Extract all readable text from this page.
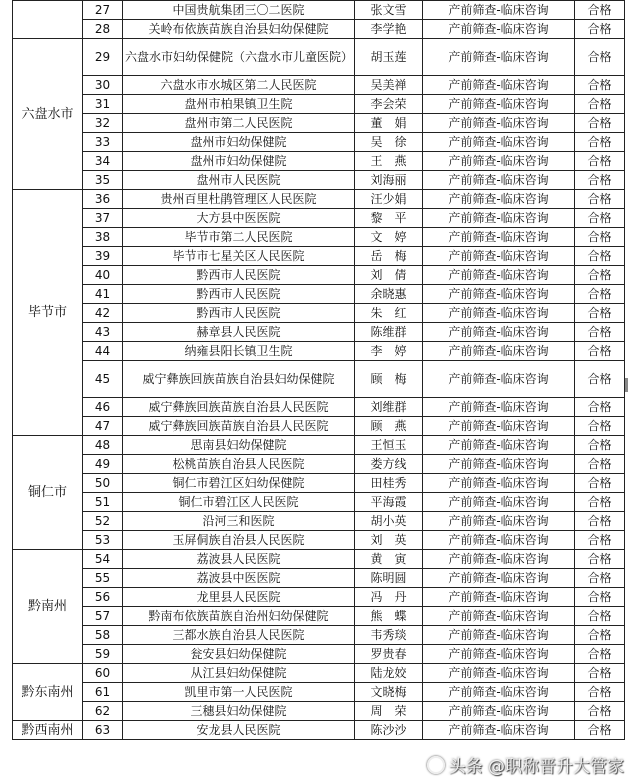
	27	中国贵航集团三〇二医院	张文雪	产前筛查-临床咨询	合格
	28	关岭布依族苗族自治县妇幼保健院	李学艳	产前筛查-临床咨询	合格
六盘水市	29	六盘水市妇幼保健院（六盘水市儿童医院）	胡玉莲	产前筛查-临床咨询	合格
	30	六盘水市水城区第二人民医院	吴美禅	产前筛查-临床咨询	合格
	31	盘州市柏果镇卫生院	李会荣	产前筛查-临床咨询	合格
	32	盘州市第二人民医院	董　娟	产前筛查-临床咨询	合格
	33	盘州市妇幼保健院	吴　徐	产前筛查-临床咨询	合格
	34	盘州市妇幼保健院	王　燕	产前筛查-临床咨询	合格
	35	盘州市人民医院	刘海丽	产前筛查-临床咨询	合格
毕节市	36	贵州百里杜鹃管理区人民医院	汪少娟	产前筛查-临床咨询	合格
	37	大方县中医医院	黎　平	产前筛查-临床咨询	合格
	38	毕节市第二人民医院	文　婷	产前筛查-临床咨询	合格
	39	毕节市七星关区人民医院	岳　梅	产前筛查-临床咨询	合格
	40	黔西市人民医院	刘　倩	产前筛查-临床咨询	合格
	41	黔西市人民医院	余晓惠	产前筛查-临床咨询	合格
	42	黔西市人民医院	朱　红	产前筛查-临床咨询	合格
	43	赫章县人民医院	陈维群	产前筛查-临床咨询	合格
	44	纳雍县阳长镇卫生院	李　婷	产前筛查-临床咨询	合格
	45	威宁彝族回族苗族自治县妇幼保健院	顾　梅	产前筛查-临床咨询	合格
	46	威宁彝族回族苗族自治县人民医院	刘维群	产前筛查-临床咨询	合格
	47	威宁彝族回族苗族自治县人民医院	顾　燕	产前筛查-临床咨询	合格
铜仁市	48	思南县妇幼保健院	王恒玉	产前筛查-临床咨询	合格
	49	松桃苗族自治县人民医院	娄方线	产前筛查-临床咨询	合格
	50	铜仁市碧江区妇幼保健院	田桂秀	产前筛查-临床咨询	合格
	51	铜仁市碧江区人民医院	平海霞	产前筛查-临床咨询	合格
	52	沿河三和医院	胡小英	产前筛查-临床咨询	合格
	53	玉屏侗族自治县人民医院	刘　英	产前筛查-临床咨询	合格
黔南州	54	荔波县人民医院	黄　寅	产前筛查-临床咨询	合格
	55	荔波县中医医院	陈明圆	产前筛查-临床咨询	合格
	56	龙里县人民医院	冯　丹	产前筛查-临床咨询	合格
	57	黔南布依族苗族自治州妇幼保健院	熊　蝶	产前筛查-临床咨询	合格
	58	三都水族自治县人民医院	韦秀琰	产前筛查-临床咨询	合格
	59	瓮安县妇幼保健院	罗贵春	产前筛查-临床咨询	合格
黔东南州	60	从江县妇幼保健院	陆龙姣	产前筛查-临床咨询	合格
	61	凯里市第一人民医院	文晓梅	产前筛查-临床咨询	合格
	62	三穗县妇幼保健院	周　荣	产前筛查-临床咨询	合格
黔西南州	63	安龙县人民医院	陈沙沙	产前筛查-临床咨询	合格
头条 @职称晋升大管家
